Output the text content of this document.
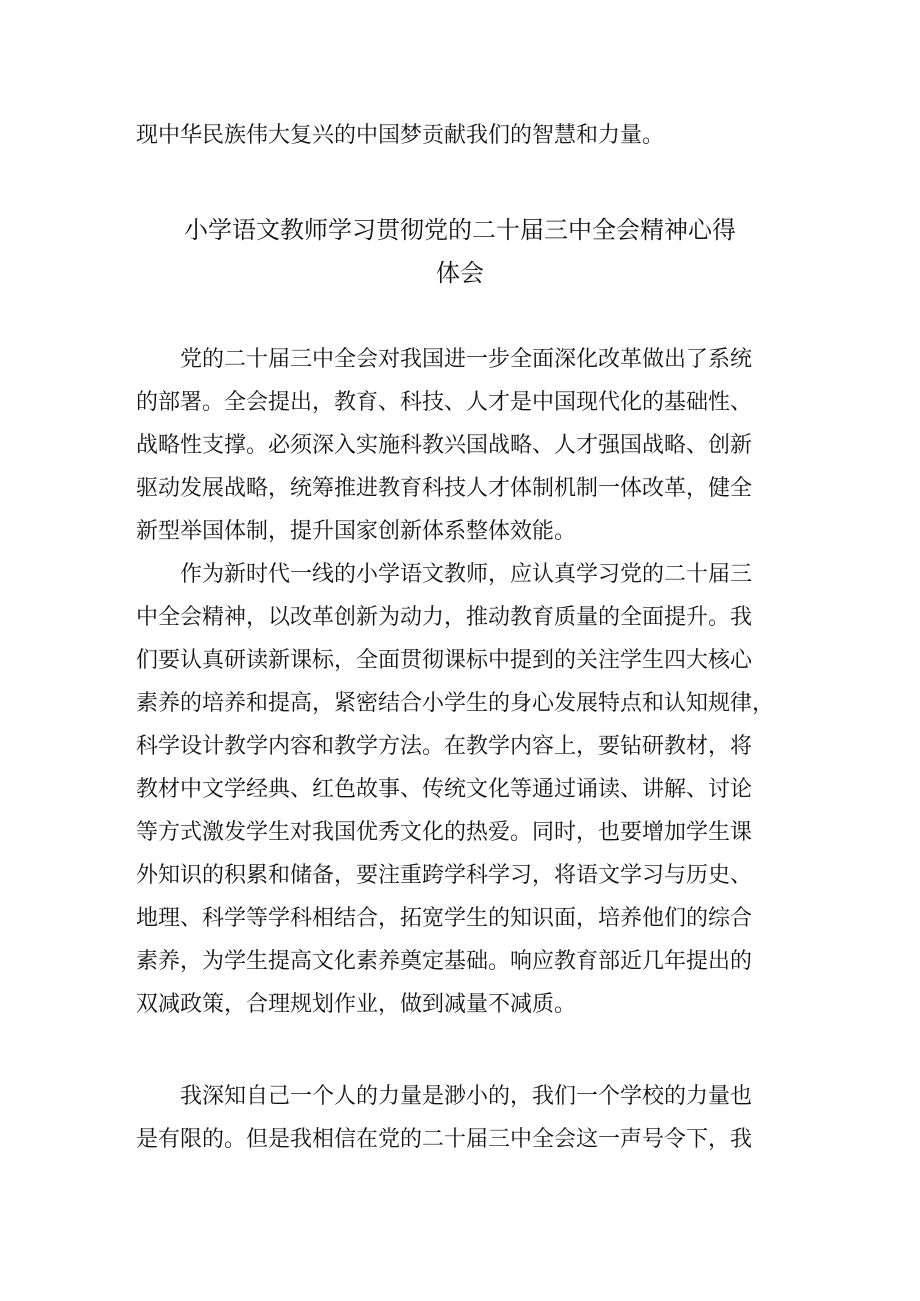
现中华民族伟大复兴的中国梦贡献我们的智慧和力量。
小学语文教师学习贯彻党的二十届三中全会精神心得
体会
党的二十届三中全会对我国进一步全面深化改革做出了系统
的部署。全会提出，教育、科技、人才是中国现代化的基础性、
战略性支撑。必须深入实施科教兴国战略、人才强国战略、创新
驱动发展战略，统筹推进教育科技人才体制机制一体改革，健全
新型举国体制，提升国家创新体系整体效能。
作为新时代一线的小学语文教师，应认真学习党的二十届三
中全会精神，以改革创新为动力，推动教育质量的全面提升。我
们要认真研读新课标，全面贯彻课标中提到的关注学生四大核心
素养的培养和提高，紧密结合小学生的身心发展特点和认知规律，
科学设计教学内容和教学方法。在教学内容上，要钻研教材，将
教材中文学经典、红色故事、传统文化等通过诵读、讲解、讨论
等方式激发学生对我国优秀文化的热爱。同时，也要增加学生课
外知识的积累和储备，要注重跨学科学习，将语文学习与历史、
地理、科学等学科相结合，拓宽学生的知识面，培养他们的综合
素养，为学生提高文化素养奠定基础。响应教育部近几年提出的
双减政策，合理规划作业，做到减量不减质。
我深知自己一个人的力量是渺小的，我们一个学校的力量也
是有限的。但是我相信在党的二十届三中全会这一声号令下，我
